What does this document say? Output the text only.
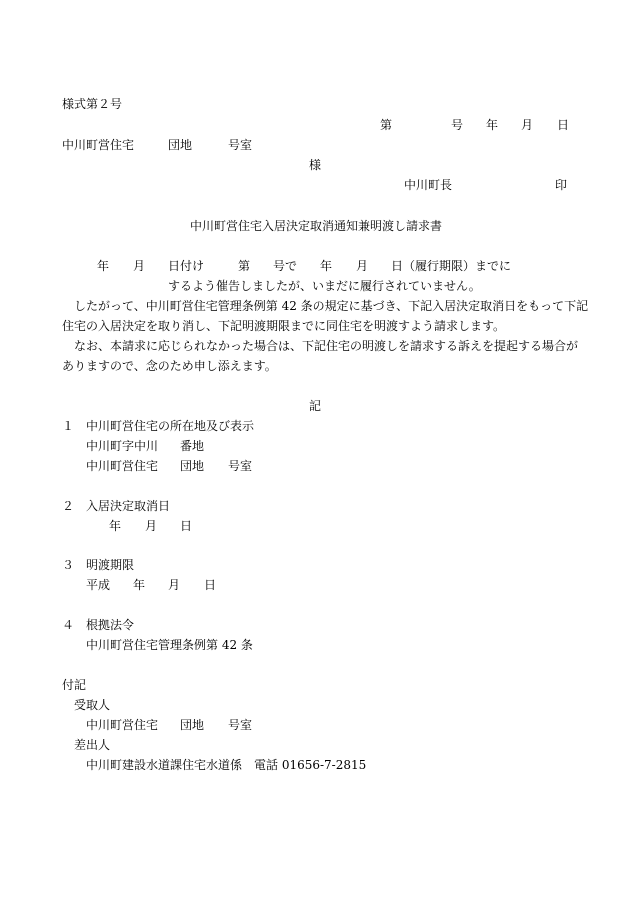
様式第２号
第	号 年 月 日
中川町営住宅	団地	号室
様
中川町長	印
中川町営住宅入居決定取消通知兼明渡し請求書
年 月 日付け	第 号で 年 月 日（履行期限）までに
するよう催告しましたが、いまだに履行されていません。
したがって、中川町営住宅管理条例第 42 条の規定に基づき、下記入居決定取消日をもって下記
住宅の入居決定を取り消し、下記明渡期限までに同住宅を明渡すよう請求します。
なお、本請求に応じられなかった場合は、下記住宅の明渡しを請求する訴えを提起する場合が
ありますので、念のため申し添えます。
記
１ 中川町営住宅の所在地及び表示
中川町字中川 番地
中川町営住宅 団地 号室
２ 入居決定取消日
年 月 日
３ 明渡期限
平成 年 月 日
４ 根拠法令
中川町営住宅管理条例第 42 条
付記
受取人
中川町営住宅 団地 号室
差出人
中川町建設水道課住宅水道係　電話 01656-7-2815
